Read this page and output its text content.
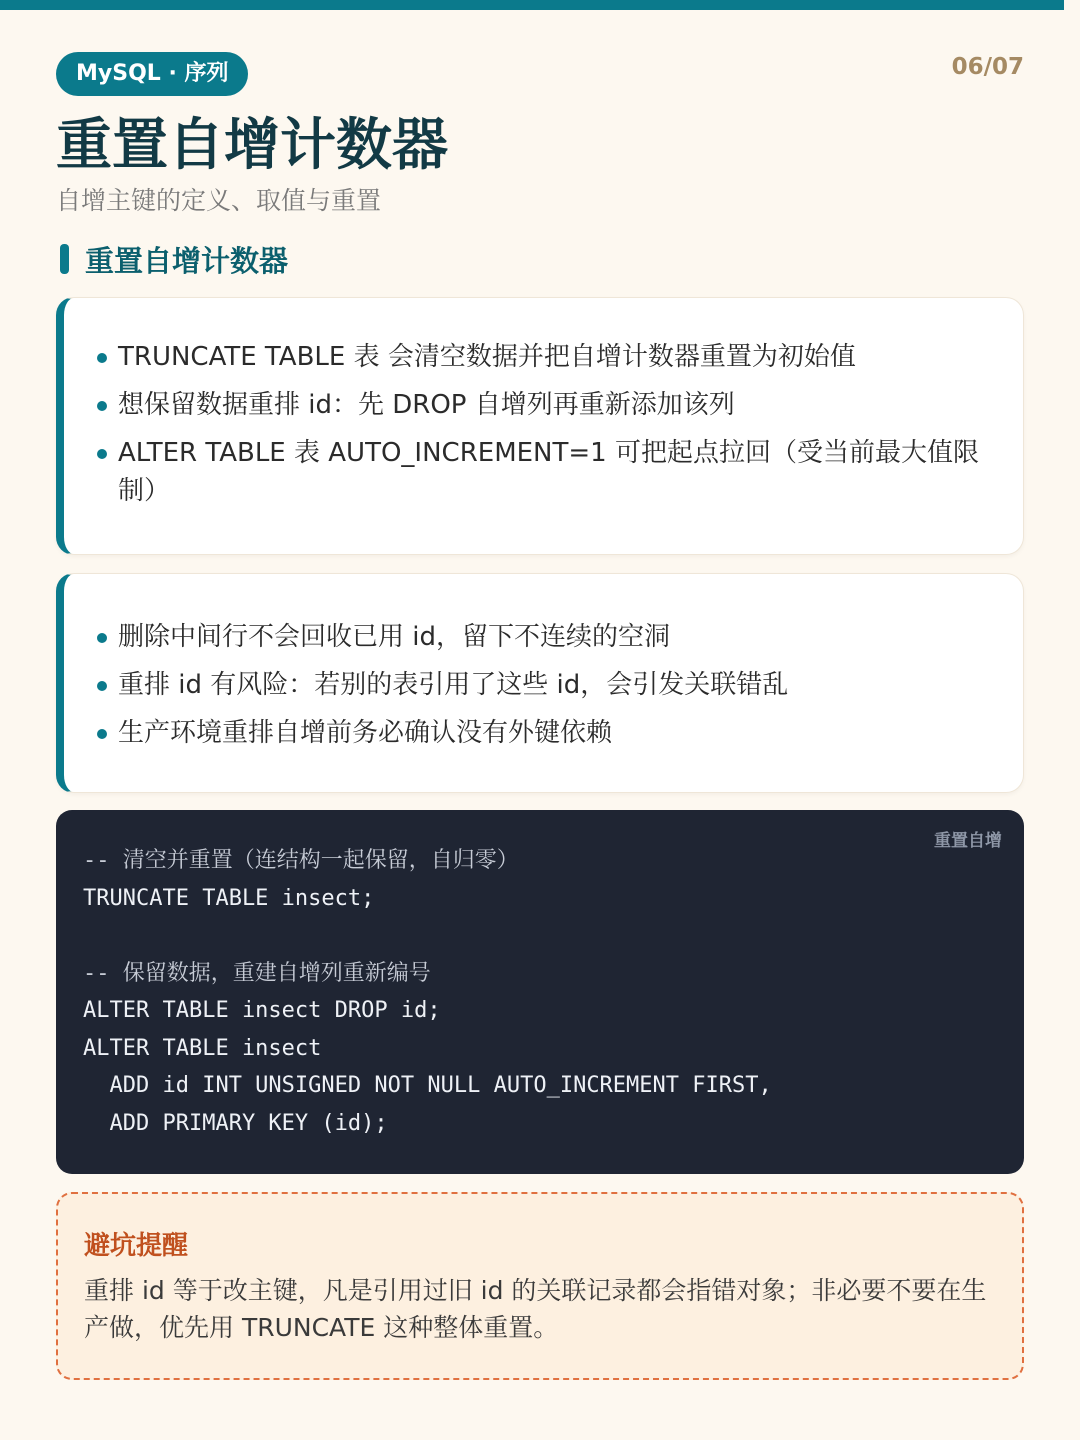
MySQL · 序列	06/07
重置自增计数器
自增主键的定义、取值与重置
重置自增计数器
TRUNCATE TABLE 表 会清空数据并把自增计数器重置为初始值
想保留数据重排 id：先 DROP 自增列再重新添加该列
ALTER TABLE 表 AUTO_INCREMENT=1 可把起点拉回（受当前最大值限制）
删除中间行不会回收已用 id，留下不连续的空洞
重排 id 有风险：若别的表引用了这些 id，会引发关联错乱
生产环境重排自增前务必确认没有外键依赖
重置自增
-- 清空并重置（连结构一起保留，自归零）
TRUNCATE TABLE insect;
-- 保留数据，重建自增列重新编号
ALTER TABLE insect DROP id;
ALTER TABLE insect
ADD id INT UNSIGNED NOT NULL AUTO_INCREMENT FIRST,
ADD PRIMARY KEY (id);
避坑提醒
重排 id 等于改主键，凡是引用过旧 id 的关联记录都会指错对象；非必要不要在生产做，优先用 TRUNCATE 这种整体重置。
